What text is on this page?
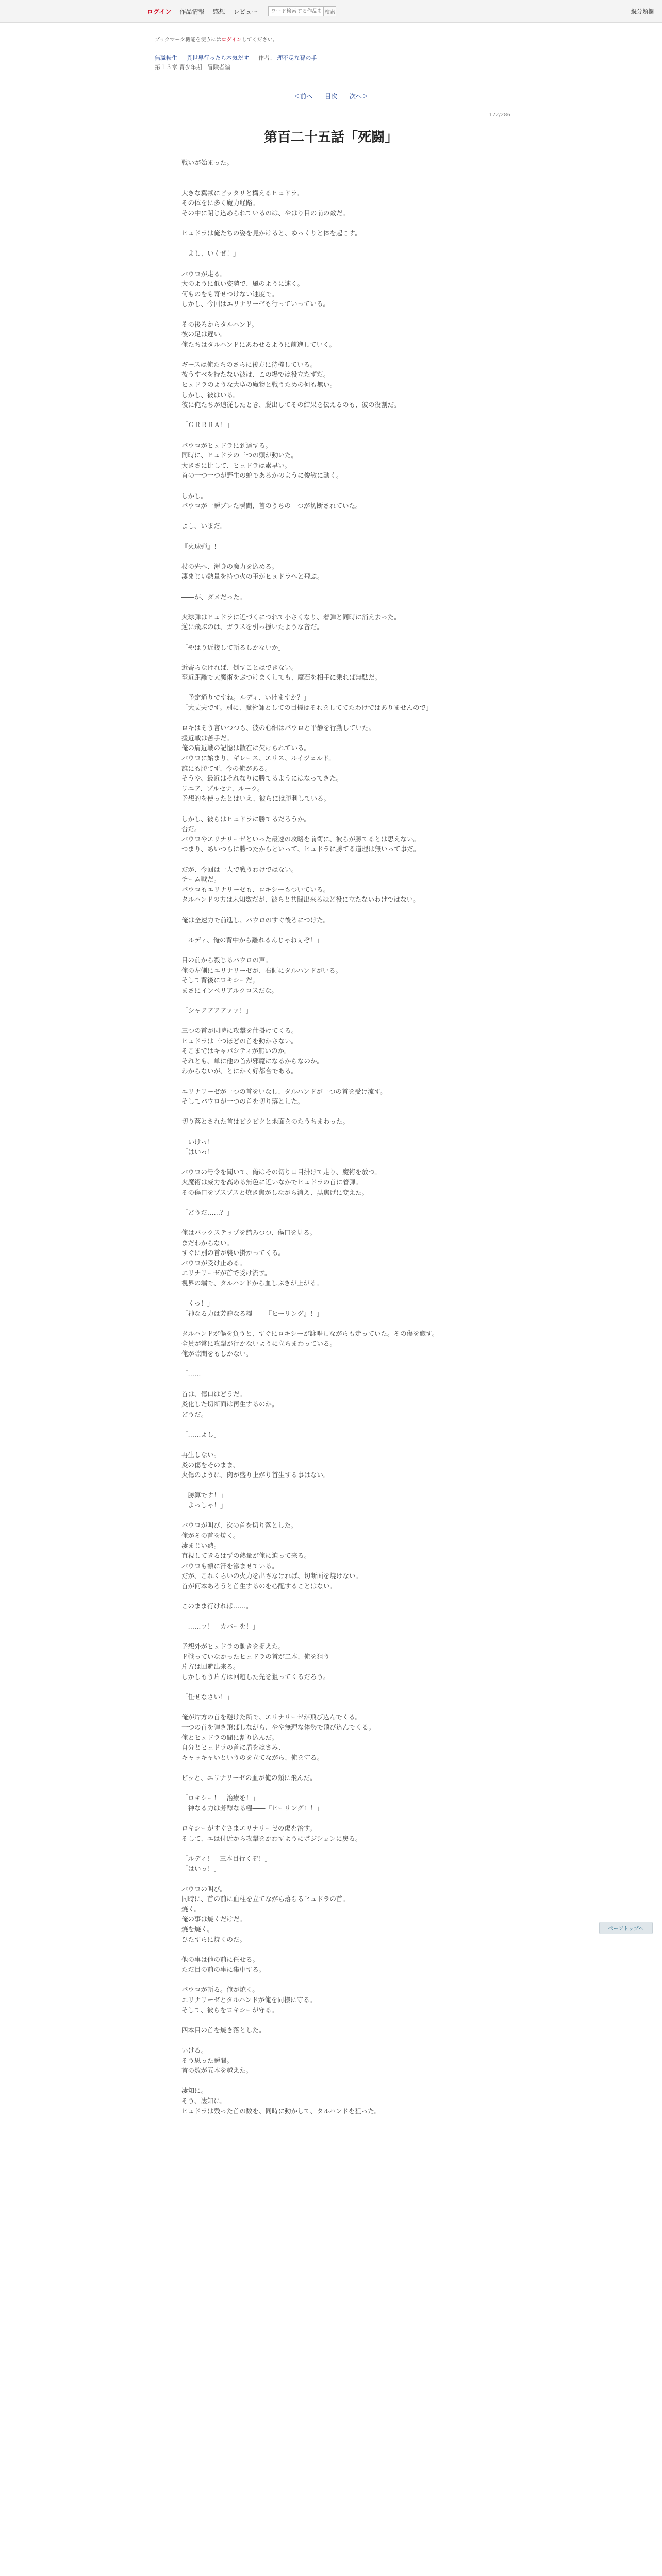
ログイン 作品情報 感想 レビュー
ワード検索する作品を検索	検索	縦分類欄
ブックマーク機能を使うにはログインしてください。
無職転生 － 異世界行ったら本気だす － 作者： 理不尽な孫の手
第１３章 青少年期　冒険者編
＜前へ 目次 次へ＞
172/286
第百二十五話「死闘」

戦いが始まった。

大きな翼獣にピッタリと構えるヒュドラ。

その体をに多く魔力経路。

その中に閉じ込められているのは、やはり目の前の敵だ。

ヒュドラは俺たちの姿を見かけると、ゆっくりと体を起こす。

「よし、いくぜ！」

パウロが走る。

大のように低い姿勢で、風のように速く。

何ものをも寄せつけない速度で。

しかし、今回はエリナリーゼも行っていっている。

その後ろからタルハンド。

彼の足は遅い。

俺たちはタルハンドにあわせるように前進していく。

ギースは俺たちのさらに後方に待機している。

彼うすべを持たない彼は、この場では役立たずだ。

ヒュドラのような大型の魔物と戦うための何も無い。

しかし、彼はいる。

彼に俺たちが追従したとき、脱出してその結果を伝えるのも、彼の役割だ。

「ＧＲＲＲＡ！」

パウロがヒュドラに到達する。

同時に、ヒュドラの三つの頭が動いた。

大きさに比して、ヒュドラは素早い。

首の一つ一つが野生の蛇であるかのように俊敏に動く。

しかし。

パウロが一瞬ブレた瞬間、首のうちの一つが切断されていた。

よし、いまだ。

『火球弾』！

杖の先へ、渾身の魔力を込める。

凄まじい熱量を持つ火の玉がヒュドラへと飛ぶ。

――が、ダメだった。

火球弾はヒュドラに近づくにつれて小さくなり、着弾と同時に消え去った。

逆に飛ぶのは、ガラスを引っ掻いたような音だ。

「やはり近接して斬るしかないか」

近寄らなければ、倒すことはできない。

至近距離で大魔術をぶつけまくしても、魔石を相手に乗れば無駄だ。

「予定通りですね。ルディ、いけますか？」

「大丈夫です。別に、魔術師としての目標はそれをしててたわけではありませんので」

ロキはそう言いつつも、彼の心細はパウロと平静を行動していた。

援近戦は苦手だ。

俺の肩近戦の記憶は散在に欠けられている。

パウロに始まり、ギレース、エリス、ルイジェルド。

誰にも勝てず、今の俺がある。

そうや、最近はそれなりに勝てるようにはなってきた。

リニア、プルセナ、ルーク。

予想的を使ったとはいえ、彼らには勝利している。

しかし、彼らはヒュドラに勝てるだろうか。

否だ。

パウロやエリナリーゼといった最速の攻略を前衛に、彼らが勝てるとは思えない。

つまり、あいつらに勝つたからといって、ヒュドラに勝てる道理は無いって事だ。

だが、今回は一人で戦うわけではない。

チーム戦だ。

パウロもエリナリーゼも、ロキシーもついている。

タルハンドの力は未知数だが、彼らと共闘出来るほど役に立たないわけではない。

俺は全速力で前進し、パウロのすぐ後ろにつけた。

「ルディ、俺の背中から離れるんじゃねぇぞ！」

目の前から殺じるパウロの声。

俺の左側にエリナリーゼが、右側にタルハンドがいる。

そして背後にロキシーだ。

まさにインペリアルクロスだな。

「シャアアアアァァ！」

三つの首が同時に攻撃を仕掛けてくる。

ヒュドラは三つほどの首を動かさない。

そこまではキャパシティが無いのか。

それとも、単に他の首が邪魔になるからなのか。

わからないが、とにかく好都合である。

エリナリーゼが一つの首をいなし、タルハンドが一つの首を受け流す。

そしてパウロが一つの首を切り落とした。

切り落とされた首はビクビクと地面をのたうちまわった。

「いけっ！」

「はいっ！」

パウロの号令を聞いて、俺はその切り口目掛けて走り、魔術を放つ。

火魔術は威力を高める無色に近いなかでヒュドラの首に着弾。

その傷口をブスブスと焼き焦がしながら消え、黒焦げに変えた。

「どうだ……？」

俺はバックステップを踏みつつ、傷口を見る。

まだわからない。

すぐに別の首が襲い掛かってくる。

パウロが受け止める。

エリナリーゼが首で受け流す。

視界の端で、タルハンドから血しぶきが上がる。

「くっ！」

「神なる力は芳醇なる糧――『ヒーリング』！」

タルハンドが傷を負うと、すぐにロキシーが詠唱しながらも走っていた。その傷を癒す。

全員が常に攻撃が行かないように立ちまわっている。

俺が隙間をもしかない。

「……」

首は、傷口はどうだ。

炎化した切断面は再生するのか。

どうだ。

「……よし」

再生しない。

炎の傷をそのまま、

火傷のように、肉が盛り上がり首生する事はない。

「勝算です！」

「よっしゃ！」

パウロが叫び、次の首を切り落とした。

俺がその首を焼く。

凄まじい熱。

直視してきるはずの熱量が俺に迫って来る。

パウロも額に汗を滲ませている。

だが、これくらいの火力を出さなければ、切断面を焼けない。

首が何本あろうと首生するのを心配することはない。

このまま行ければ……。

「……ッ！　カバーを！」

予想外がヒュドラの動きを捉えた。

ド戦っていなかったヒュドラの首が二本、俺を狙う――

片方は回避出来る。

しかしもう片方は回避した先を狙ってくるだろう。

「任せなさい！」

俺が片方の首を避けた所で、エリナリーゼが飛び込んでくる。

一つの首を弾き飛ばしながら、やや無理な体勢で飛び込んでくる。

俺とヒュドラの間に割り込んだ。

自分とヒュドラの首に盾をはさみ、

キャッキャいというのを立てながら、俺を守る。

ピッと、エリナリーゼの血が俺の頬に飛んだ。

「ロキシー！　治療を！」

「神なる力は芳醇なる糧――『ヒーリング』！」

ロキシーがすぐさまエリナリーゼの傷を治す。

そして、エは付近から攻撃をかわすようにポジションに戻る。

「ルディ！　三本目行くぞ！」

「はいっ！」

パウロの叫び。

同時に、首の前に血柱を立てながら落ちるヒュドラの首。

焼く。

俺の事は焼くだけだ。

焼を焼く。

ひたすらに焼くのだ。

他の事は他の前に任せる。

ただ目の前の事に集中する。

パウロが斬る。俺が焼く。

エリナリーゼとタルハンドが俺を同様に守る。

そして、彼らをロキシーが守る。

四本目の首を焼き落とした。

いける。

そう思った瞬間。

首の数が五本を越えた。

凄知に。

そう、凄知に。

ヒュドラは残った首の数を、同時に動かして、タルハンドを狙った。

ページトップへ
